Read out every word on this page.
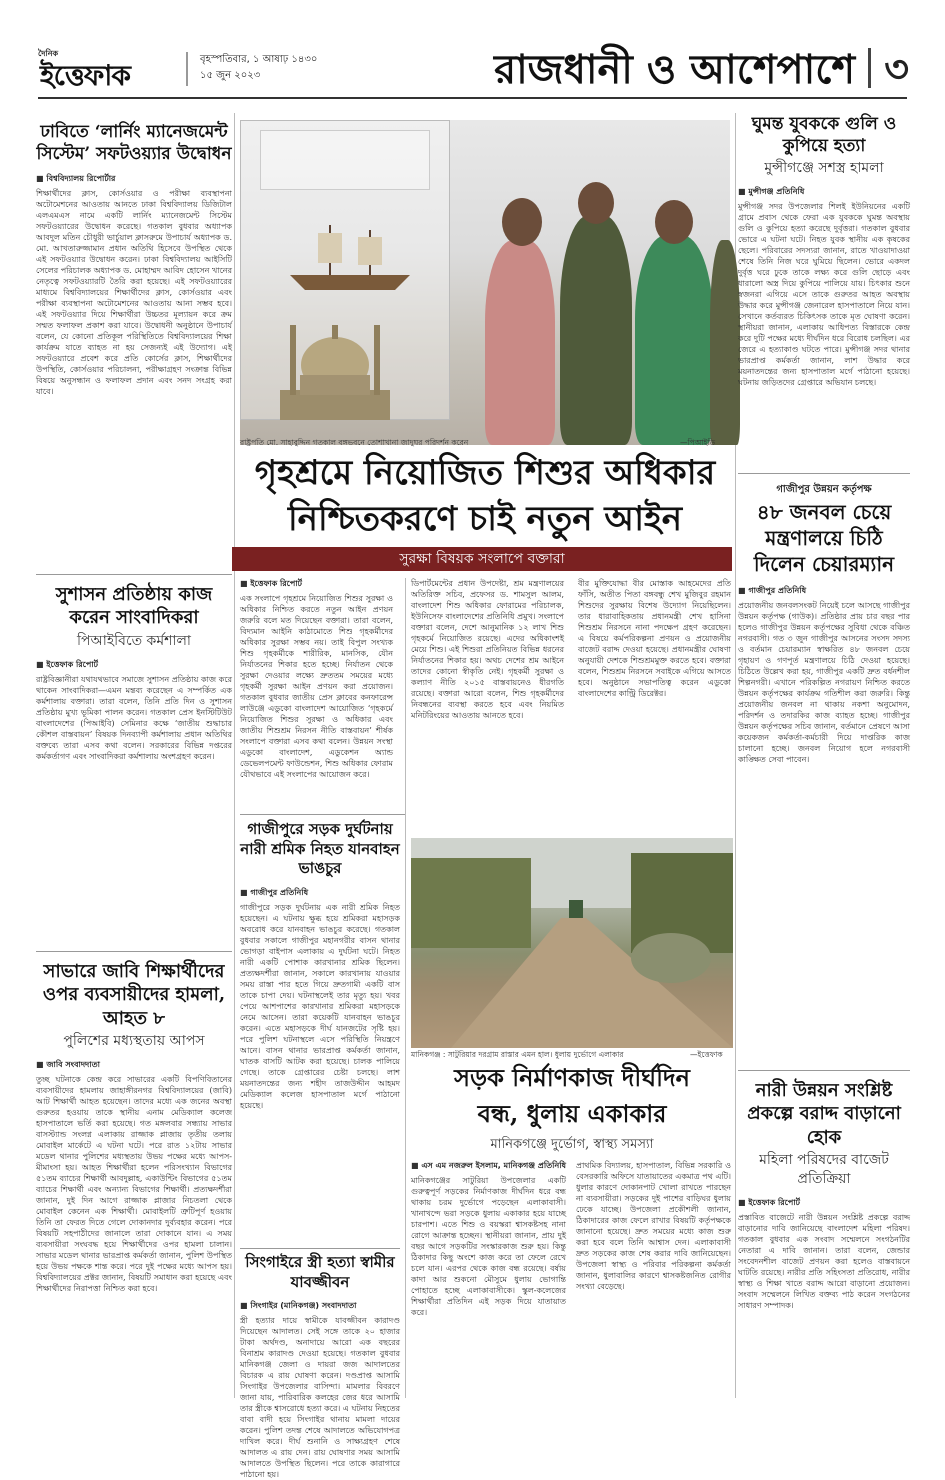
দৈনিক
ইত্তেফাক	বৃহস্পতিবার, ১ আষাঢ় ১৪৩০
১৫ জুন ২০২৩	রাজধানী ও আশেপাশে ৩
ঢাবিতে ‘লার্নিং ম্যানেজমেন্ট সিস্টেম’ সফটওয়্যার উদ্বোধন
■ বিশ্ববিদ্যালয় রিপোর্টার
শিক্ষার্থীদের ক্লাস, কোর্সওয়ার ও পরীক্ষা ব্যবস্থাপনা অটোমেশনের আওতায় আনতে ঢাকা বিশ্ববিদ্যালয় ডিজিটাল এলএমএস নামে একটি লার্নিং ম্যানেজমেন্ট সিস্টেম সফটওয়্যারের উদ্বোধন করেছে। গতকাল বুধবার অধ্যাপক আবদুল মতিন চৌধুরী ভার্চুয়াল ক্লাসরুমে উপাচার্য অধ্যাপক ড. মো. আখতারুজ্জামান প্রধান অতিথি হিসেবে উপস্থিত থেকে এই সফটওয়্যার উদ্বোধন করেন। ঢাকা বিশ্ববিদ্যালয় আইসিটি সেলের পরিচালক অধ্যাপক ড. মোহাম্মদ আবিদ হোসেন খানের নেতৃত্বে সফটওয়্যারটি তৈরি করা হয়েছে। এই সফটওয়্যারের মাধ্যমে বিশ্ববিদ্যালয়ের শিক্ষার্থীদের ক্লাস, কোর্সওয়ার এবং পরীক্ষা ব্যবস্থাপনা অটোমেশনের আওতায় আনা সম্ভব হবে। এই সফটওয়্যার দিয়ে শিক্ষার্থীরা উচ্চতর মূল্যায়ন করে ক্রম সম্মত ফলাফল প্রকাশ করা যাবে। উদ্বোধনী অনুষ্ঠানে উপাচার্য বলেন, যে কোনো প্রতিকূল পরিস্থিতিতে বিশ্ববিদ্যালয়ের শিক্ষা কার্যক্রম যাতে ব্যাহত না হয় সেজন্যই এই উদ্যোগ। এই সফটওয়্যারে প্রবেশ করে প্রতি কোর্সের ক্লাস, শিক্ষার্থীদের উপস্থিতি, কোর্সওয়ার পরিচালনা, পরীক্ষাগ্রহণ সংক্রান্ত বিভিন্ন বিষয়ে অনুসন্ধান ও ফলাফল প্রদান এবং সনদ সংগ্রহ করা যাবে।
সুশাসন প্রতিষ্ঠায় কাজ করেন সাংবাদিকরা
পিআইবিতে কর্মশালা
■ ইত্তেফাক রিপোর্ট
রাষ্ট্রবিজ্ঞানীরা যথাযথভাবে সমাজে সুশাসন প্রতিষ্ঠায় কাজ করে থাকেন সাংবাদিকরা—এমন মন্তব্য করেছেন এ সম্পর্কিত এক কর্মশালায় বক্তারা। তারা বলেন, তিনি প্রতি দিন ও সুশাসন প্রতিষ্ঠায় মুখ্য ভূমিকা পালন করেন। গতকাল প্রেস ইনস্টিটিউট বাংলাদেশের (পিআইবি) সেমিনার কক্ষে ‘জাতীয় শুদ্ধাচার কৌশল বাস্তবায়ন’ বিষয়ক দিনব্যাপী কর্মশালায় প্রধান অতিথির বক্তব্যে তারা এসব কথা বলেন। সরকারের বিভিন্ন দপ্তরের কর্মকর্তাগণ এবং সাংবাদিকরা কর্মশালায় অংশগ্রহণ করেন।
সাভারে জাবি শিক্ষার্থীদের ওপর ব্যবসায়ীদের হামলা, আহত ৮
পুলিশের মধ্যস্থতায় আপস
■ জাবি সংবাদদাতা
তুচ্ছ ঘটনাকে কেন্দ্র করে সাভারের একটি বিপণিবিতানের ব্যবসায়ীদের হামলায় জাহাঙ্গীরনগর বিশ্ববিদ্যালয়ের (জাবি) আট শিক্ষার্থী আহত হয়েছেন। তাদের মধ্যে এক জনের অবস্থা গুরুতর হওয়ায় তাকে স্থানীয় এনাম মেডিক্যাল কলেজ হাসপাতালে ভর্তি করা হয়েছে। গত মঙ্গলবার সন্ধ্যায় সাভার বাসস্ট্যান্ড সংলগ্ন এলাকায় রাজ্জাক প্লাজায় তৃতীয় তলায় মোবাইল মার্কেটে এ ঘটনা ঘটে। পরে রাত ১২টায় সাভার মডেল থানার পুলিশের মধ্যস্থতায় উভয় পক্ষের মধ্যে আপস-মীমাংসা হয়। আহত শিক্ষার্থীরা হলেন পরিসংখ্যান বিভাগের ৫১তম ব্যাচের শিক্ষার্থী আবদুল্লাহ, একাউন্টিং বিভাগের ৫১তম ব্যাচের শিক্ষার্থী এবং অন্যান্য বিভাগের শিক্ষার্থী। প্রত্যক্ষদর্শীরা জানান, দুই দিন আগে রাজ্জাক প্লাজার নিচতলা থেকে মোবাইল কেনেন এক শিক্ষার্থী। মোবাইলটি ত্রুটিপূর্ণ হওয়ায় তিনি তা ফেরত দিতে গেলে দোকানদার দুর্ব্যবহার করেন। পরে বিষয়টি সহপাঠীদের জানালে তারা দোকানে যান। এ সময় ব্যবসায়ীরা সংঘবদ্ধ হয়ে শিক্ষার্থীদের ওপর হামলা চালান। সাভার মডেল থানার ভারপ্রাপ্ত কর্মকর্তা জানান, পুলিশ উপস্থিত হয়ে উভয় পক্ষকে শান্ত করে। পরে দুই পক্ষের মধ্যে আপস হয়। বিশ্ববিদ্যালয়ের প্রক্টর জানান, বিষয়টি সমাধান করা হয়েছে এবং শিক্ষার্থীদের নিরাপত্তা নিশ্চিত করা হবে।
রাষ্ট্রপতি মো. সাহাবুদ্দিন গতকাল বঙ্গভবনে তোশাখানা জাদুঘর পরিদর্শন করেন	—পিআইডি
গৃহশ্রমে নিয়োজিত শিশুর অধিকার
নিশ্চিতকরণে চাই নতুন আইন
সুরক্ষা বিষয়ক সংলাপে বক্তারা
■ ইত্তেফাক রিপোর্ট
এক সংলাপে গৃহশ্রমে নিয়োজিত শিশুর সুরক্ষা ও অধিকার নিশ্চিত করতে নতুন আইন প্রণয়ন জরুরি বলে মত দিয়েছেন বক্তারা। তারা বলেন, বিদ্যমান আইনি কাঠামোতে শিশু গৃহকর্মীদের অধিকার সুরক্ষা সম্ভব নয়। তাই বিপুল সংখ্যক শিশু গৃহকর্মীকে শারীরিক, মানসিক, যৌন নির্যাতনের শিকার হতে হচ্ছে। নির্যাতন থেকে সুরক্ষা দেওয়ার লক্ষ্যে দ্রুততম সময়ের মধ্যে গৃহকর্মী সুরক্ষা আইন প্রণয়ন করা প্রয়োজন। গতকাল বুধবার জাতীয় প্রেস ক্লাবের কনফারেন্স লাউঞ্জে এডুকো বাংলাদেশ আয়োজিত ‘গৃহকর্মে নিয়োজিত শিশুর সুরক্ষা ও অধিকার এবং জাতীয় শিশুশ্রম নিরসন নীতি বাস্তবায়ন’ শীর্ষক সংলাপে বক্তারা এসব কথা বলেন। উন্নয়ন সংস্থা এডুকো বাংলাদেশ, এডুকেশন অ্যান্ড ডেভেলপমেন্ট ফাউন্ডেশন, শিশু অধিকার ফোরাম যৌথভাবে এই সংলাপের আয়োজন করে।
ডিপার্টমেন্টের প্রধান উপদেষ্টা, শ্রম মন্ত্রণালয়ের অতিরিক্ত সচিব, প্রফেসর ড. শামসুল আলম, বাংলাদেশ শিশু অধিকার ফোরামের পরিচালক, ইউনিসেফ বাংলাদেশের প্রতিনিধি প্রমুখ। সংলাপে বক্তারা বলেন, দেশে আনুমানিক ১২ লাখ শিশু গৃহকর্মে নিয়োজিত রয়েছে। এদের অধিকাংশই মেয়ে শিশু। এই শিশুরা প্রতিনিয়ত বিভিন্ন ধরনের নির্যাতনের শিকার হয়। অথচ দেশের শ্রম আইনে তাদের কোনো স্বীকৃতি নেই। গৃহকর্মী সুরক্ষা ও কল্যাণ নীতি ২০১৫ বাস্তবায়নেও ধীরগতি রয়েছে। বক্তারা আরো বলেন, শিশু গৃহকর্মীদের নিবন্ধনের ব্যবস্থা করতে হবে এবং নিয়মিত মনিটরিংয়ের আওতায় আনতে হবে।
বীর মুক্তিযোদ্ধা বীর মোস্তাক আহমেদের প্রতি ফাঁসি, অতীত পিতা বঙ্গবন্ধু শেখ মুজিবুর রহমান শিশুদের সুরক্ষায় বিশেষ উদ্যোগ নিয়েছিলেন। তার ধারাবাহিকতায় প্রধানমন্ত্রী শেখ হাসিনা শিশুশ্রম নিরসনে নানা পদক্ষেপ গ্রহণ করেছেন। এ বিষয়ে কর্মপরিকল্পনা প্রণয়ন ও প্রয়োজনীয় বাজেট বরাদ্দ দেওয়া হয়েছে। প্রধানমন্ত্রীর ঘোষণা অনুযায়ী দেশকে শিশুশ্রমমুক্ত করতে হবে। বক্তারা বলেন, শিশুশ্রম নিরসনে সবাইকে এগিয়ে আসতে হবে। অনুষ্ঠানে সভাপতিত্ব করেন এডুকো বাংলাদেশের কান্ট্রি ডিরেক্টর।
গাজীপুরে সড়ক দুর্ঘটনায় নারী শ্রমিক নিহত যানবাহন ভাঙচুর
■ গাজীপুর প্রতিনিধি
গাজীপুরে সড়ক দুর্ঘটনায় এক নারী শ্রমিক নিহত হয়েছেন। এ ঘটনায় ক্ষুব্ধ হয়ে শ্রমিকরা মহাসড়ক অবরোধ করে যানবাহন ভাঙচুর করেছে। গতকাল বুধবার সকালে গাজীপুর মহানগরীর বাসন থানার ভোগড়া বাইপাস এলাকায় এ দুর্ঘটনা ঘটে। নিহত নারী একটি পোশাক কারখানার শ্রমিক ছিলেন। প্রত্যক্ষদর্শীরা জানান, সকালে কারখানায় যাওয়ার সময় রাস্তা পার হতে গিয়ে দ্রুতগামী একটি বাস তাকে চাপা দেয়। ঘটনাস্থলেই তার মৃত্যু হয়। খবর পেয়ে আশপাশের কারখানার শ্রমিকরা মহাসড়কে নেমে আসেন। তারা কয়েকটি যানবাহন ভাঙচুর করেন। এতে মহাসড়কে দীর্ঘ যানজটের সৃষ্টি হয়। পরে পুলিশ ঘটনাস্থলে এসে পরিস্থিতি নিয়ন্ত্রণে আনে। বাসন থানার ভারপ্রাপ্ত কর্মকর্তা জানান, ঘাতক বাসটি আটক করা হয়েছে। চালক পালিয়ে গেছে। তাকে গ্রেপ্তারের চেষ্টা চলছে। লাশ ময়নাতদন্তের জন্য শহীদ তাজউদ্দীন আহমদ মেডিক্যাল কলেজ হাসপাতাল মর্গে পাঠানো হয়েছে।
সিংগাইরে স্ত্রী হত্যা স্বামীর যাবজ্জীবন
■ সিংগাইর (মানিকগঞ্জ) সংবাদদাতা
স্ত্রী হত্যার দায়ে স্বামীকে যাবজ্জীবন কারাদণ্ড দিয়েছেন আদালত। সেই সঙ্গে তাকে ২০ হাজার টাকা অর্থদণ্ড, অনাদায়ে আরো এক বছরের বিনাশ্রম কারাদণ্ড দেওয়া হয়েছে। গতকাল বুধবার মানিকগঞ্জ জেলা ও দায়রা জজ আদালতের বিচারক এ রায় ঘোষণা করেন। দণ্ডপ্রাপ্ত আসামি সিংগাইর উপজেলার বাসিন্দা। মামলার বিবরণে জানা যায়, পারিবারিক কলহের জের ধরে আসামি তার স্ত্রীকে শ্বাসরোধে হত্যা করে। এ ঘটনায় নিহতের বাবা বাদী হয়ে সিংগাইর থানায় মামলা দায়ের করেন। পুলিশ তদন্ত শেষে আদালতে অভিযোগপত্র দাখিল করে। দীর্ঘ শুনানি ও সাক্ষ্যগ্রহণ শেষে আদালত এ রায় দেন। রায় ঘোষণার সময় আসামি আদালতে উপস্থিত ছিলেন। পরে তাকে কারাগারে পাঠানো হয়।
মানিকগঞ্জ : সাটুরিয়ার দরগ্রাম রাস্তার এমন হাল। ধুলায় দুর্ভোগে এলাকার	—ইত্তেফাক
সড়ক নির্মাণকাজ দীর্ঘদিন
বন্ধ, ধুলায় একাকার
মানিকগঞ্জে দুর্ভোগ, স্বাস্থ্য সমস্যা
■ এস এম নজরুল ইসলাম, মানিকগঞ্জ প্রতিনিধি
মানিকগঞ্জের সাটুরিয়া উপজেলার একটি গুরুত্বপূর্ণ সড়কের নির্মাণকাজ দীর্ঘদিন ধরে বন্ধ থাকায় চরম দুর্ভোগে পড়েছেন এলাকাবাসী। খানাখন্দে ভরা সড়কে ধুলায় একাকার হয়ে যাচ্ছে চারপাশ। এতে শিশু ও বয়স্করা শ্বাসকষ্টসহ নানা রোগে আক্রান্ত হচ্ছেন। স্থানীয়রা জানান, প্রায় দুই বছর আগে সড়কটির সংস্কারকাজ শুরু হয়। কিন্তু ঠিকাদার কিছু অংশে কাজ করে তা ফেলে রেখে চলে যান। এরপর থেকে কাজ বন্ধ রয়েছে। বর্ষায় কাদা আর শুকনো মৌসুমে ধুলায় ভোগান্তি পোহাতে হচ্ছে এলাকাবাসীকে। স্কুল-কলেজের শিক্ষার্থীরা প্রতিদিন এই সড়ক দিয়ে যাতায়াত করে।
প্রাথমিক বিদ্যালয়, হাসপাতাল, বিভিন্ন সরকারি ও বেসরকারি অফিসে যাতায়াতের একমাত্র পথ এটি। ধুলার কারণে দোকানপাট খোলা রাখতে পারছেন না ব্যবসায়ীরা। সড়কের দুই পাশের বাড়িঘর ধুলায় ঢেকে যাচ্ছে। উপজেলা প্রকৌশলী জানান, ঠিকাদারের কাজ ফেলে রাখার বিষয়টি কর্তৃপক্ষকে জানানো হয়েছে। দ্রুত সময়ের মধ্যে কাজ শুরু করা হবে বলে তিনি আশ্বাস দেন। এলাকাবাসী দ্রুত সড়কের কাজ শেষ করার দাবি জানিয়েছেন। উপজেলা স্বাস্থ্য ও পরিবার পরিকল্পনা কর্মকর্তা জানান, ধুলাবালির কারণে শ্বাসকষ্টজনিত রোগীর সংখ্যা বেড়েছে।
ঘুমন্ত যুবককে গুলি ও কুপিয়ে হত্যা
মুন্সীগঞ্জে সশস্ত্র হামলা
■ মুন্সীগঞ্জ প্রতিনিধি
মুন্সীগঞ্জ সদর উপজেলার শিলই ইউনিয়নের একটি গ্রামে প্রবাস থেকে ফেরা এক যুবককে ঘুমন্ত অবস্থায় গুলি ও কুপিয়ে হত্যা করেছে দুর্বৃত্তরা। গতকাল বুধবার ভোরে এ ঘটনা ঘটে। নিহত যুবক স্থানীয় এক কৃষকের ছেলে। পরিবারের সদস্যরা জানান, রাতে খাওয়াদাওয়া শেষে তিনি নিজ ঘরে ঘুমিয়ে ছিলেন। ভোরে একদল দুর্বৃত্ত ঘরে ঢুকে তাকে লক্ষ্য করে গুলি ছোড়ে এবং ধারালো অস্ত্র দিয়ে কুপিয়ে পালিয়ে যায়। চিৎকার শুনে স্বজনরা এগিয়ে এসে তাকে গুরুতর আহত অবস্থায় উদ্ধার করে মুন্সীগঞ্জ জেনারেল হাসপাতালে নিয়ে যান। সেখানে কর্তব্যরত চিকিৎসক তাকে মৃত ঘোষণা করেন। স্থানীয়রা জানান, এলাকায় আধিপত্য বিস্তারকে কেন্দ্র করে দুটি পক্ষের মধ্যে দীর্ঘদিন ধরে বিরোধ চলছিল। এর জেরে এ হত্যাকাণ্ড ঘটতে পারে। মুন্সীগঞ্জ সদর থানার ভারপ্রাপ্ত কর্মকর্তা জানান, লাশ উদ্ধার করে ময়নাতদন্তের জন্য হাসপাতাল মর্গে পাঠানো হয়েছে। ঘটনায় জড়িতদের গ্রেপ্তারে অভিযান চলছে।
গাজীপুর উন্নয়ন কর্তৃপক্ষ
৪৮ জনবল চেয়ে মন্ত্রণালয়ে চিঠি দিলেন চেয়ারম্যান
■ গাজীপুর প্রতিনিধি
প্রয়োজনীয় জনবলসংকট নিয়েই চলে আসছে গাজীপুর উন্নয়ন কর্তৃপক্ষ (গাউক)। প্রতিষ্ঠার প্রায় চার বছর পার হলেও গাজীপুর উন্নয়ন কর্তৃপক্ষের সুবিধা থেকে বঞ্চিত নগরবাসী। গত ৩ জুন গাজীপুর আসনের সংসদ সদস্য ও বর্তমান চেয়ারম্যান স্বাক্ষরিত ৪৮ জনবল চেয়ে গৃহায়ণ ও গণপূর্ত মন্ত্রণালয়ে চিঠি দেওয়া হয়েছে। চিঠিতে উল্লেখ করা হয়, গাজীপুর একটি দ্রুত বর্ধনশীল শিল্পনগরী। এখানে পরিকল্পিত নগরায়ণ নিশ্চিত করতে উন্নয়ন কর্তৃপক্ষের কার্যক্রম গতিশীল করা জরুরি। কিন্তু প্রয়োজনীয় জনবল না থাকায় নকশা অনুমোদন, পরিদর্শন ও তদারকির কাজ ব্যাহত হচ্ছে। গাজীপুর উন্নয়ন কর্তৃপক্ষের সচিব জানান, বর্তমানে প্রেষণে আসা কয়েকজন কর্মকর্তা-কর্মচারী দিয়ে দাপ্তরিক কাজ চালানো হচ্ছে। জনবল নিয়োগ হলে নগরবাসী কাঙ্ক্ষিত সেবা পাবেন।
নারী উন্নয়ন সংশ্লিষ্ট প্রকল্পে বরাদ্দ বাড়ানো হোক
মহিলা পরিষদের বাজেট প্রতিক্রিয়া
■ ইত্তেফাক রিপোর্ট
প্রস্তাবিত বাজেটে নারী উন্নয়ন সংশ্লিষ্ট প্রকল্পে বরাদ্দ বাড়ানোর দাবি জানিয়েছে বাংলাদেশ মহিলা পরিষদ। গতকাল বুধবার এক সংবাদ সম্মেলনে সংগঠনটির নেতারা এ দাবি জানান। তারা বলেন, জেন্ডার সংবেদনশীল বাজেট প্রণয়ন করা হলেও বাস্তবায়নে ঘাটতি রয়েছে। নারীর প্রতি সহিংসতা প্রতিরোধ, নারীর স্বাস্থ্য ও শিক্ষা খাতে বরাদ্দ আরো বাড়ানো প্রয়োজন। সংবাদ সম্মেলনে লিখিত বক্তব্য পাঠ করেন সংগঠনের সাধারণ সম্পাদক।
